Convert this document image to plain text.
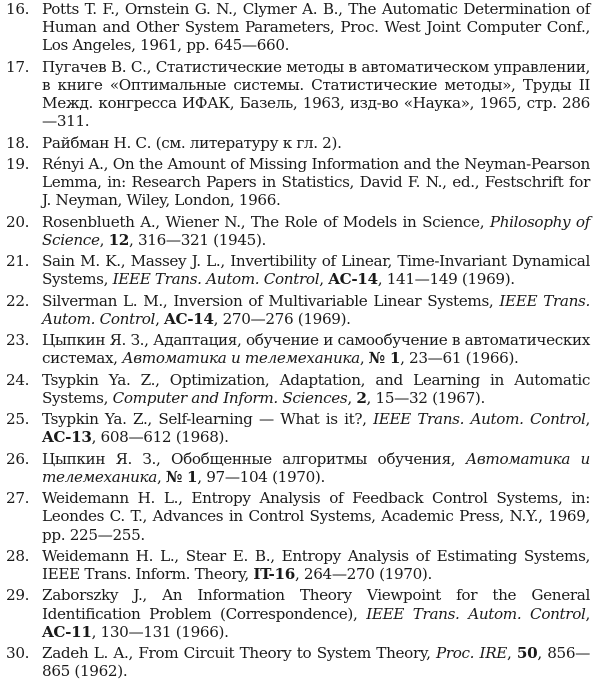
16. Potts T. F., Ornstein G. N., Clymer A. B., The Automatic Determination of Human and Other System Parameters, Proc. West Joint Computer Conf., Los Angeles, 1961, pp. 645—660.
17. Пугачев В. С., Статистические методы в автоматическом управлении, в книге «Оптимальные системы. Статистические методы», Труды II Межд. конгресса ИФАК, Базель, 1963, изд-во «Наука», 1965, стр. 286—311.
18. Райбман Н. С. (см. литературу к гл. 2).
19. Rényi A., On the Amount of Missing Information and the Neyman-Pearson Lemma, in: Research Papers in Statistics, David F. N., ed., Festschrift for J. Neyman, Wiley, London, 1966.
20. Rosenblueth A., Wiener N., The Role of Models in Science, Philosophy of Science, 12, 316—321 (1945).
21. Sain M. K., Massey J. L., Invertibility of Linear, Time-Invariant Dynamical Systems, IEEE Trans. Autom. Control, AC-14, 141—149 (1969).
22. Silverman L. M., Inversion of Multivariable Linear Systems, IEEE Trans. Autom. Control, AC-14, 270—276 (1969).
23. Цыпкин Я. З., Адаптация, обучение и самообучение в автоматических системах, Автоматика и телемеханика, № 1, 23—61 (1966).
24. Tsypkin Ya. Z., Optimization, Adaptation, and Learning in Automatic Systems, Computer and Inform. Sciences, 2, 15—32 (1967).
25. Tsypkin Ya. Z., Self-learning — What is it?, IEEE Trans. Autom. Control, AC-13, 608—612 (1968).
26. Цыпкин Я. З., Обобщенные алгоритмы обучения, Автоматика и телемеханика, № 1, 97—104 (1970).
27. Weidemann H. L., Entropy Analysis of Feedback Control Systems, in: Leondes C. T., Advances in Control Systems, Academic Press, N.Y., 1969, pp. 225—255.
28. Weidemann H. L., Stear E. B., Entropy Analysis of Estimating Systems, IEEE Trans. Inform. Theory, IT-16, 264—270 (1970).
29. Zaborszky J., An Information Theory Viewpoint for the General Identification Problem (Correspondence), IEEE Trans. Autom. Control, AC-11, 130—131 (1966).
30. Zadeh L. A., From Circuit Theory to System Theory, Proc. IRE, 50, 856—865 (1962).
